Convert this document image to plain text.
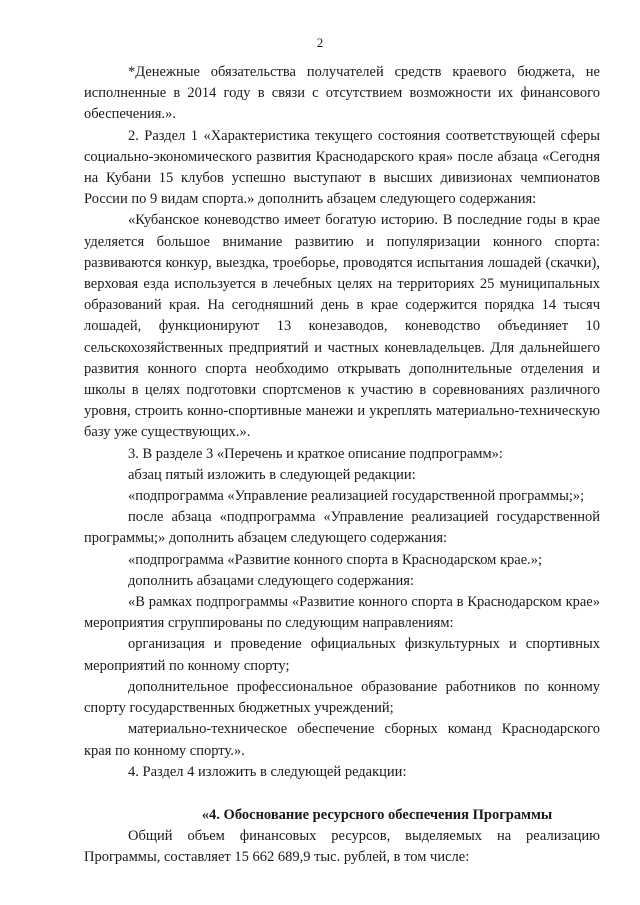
2

*Денежные обязательства получателей средств краевого бюджета, не исполненные в 2014 году в связи с отсутствием возможности их финансового обеспечения.».

2. Раздел 1 «Характеристика текущего состояния соответствующей сферы социально-экономического развития Краснодарского края» после абзаца «Сегодня на Кубани 15 клубов успешно выступают в высших дивизионах чемпионатов России по 9 видам спорта.» дополнить абзацем следующего содержания:

«Кубанское коневодство имеет богатую историю. В последние годы в крае уделяется большое внимание развитию и популяризации конного спорта: развиваются конкур, выездка, троеборье, проводятся испытания лошадей (скачки), верховая езда используется в лечебных целях на территориях 25 муниципальных образований края. На сегодняшний день в крае содержится порядка 14 тысяч лошадей, функционируют 13 конезаводов, коневодство объединяет 10 сельскохозяйственных предприятий и частных коневладельцев. Для дальнейшего развития конного спорта необходимо открывать дополнительные отделения и школы в целях подготовки спортсменов к участию в соревнованиях различного уровня, строить конно-спортивные манежи и укреплять материально-техническую базу уже существующих.».

3. В разделе 3 «Перечень и краткое описание подпрограмм»:

абзац пятый изложить в следующей редакции:

«подпрограмма «Управление реализацией государственной программы;»;

после абзаца «подпрограмма «Управление реализацией государственной программы;» дополнить абзацем следующего содержания:

«подпрограмма «Развитие конного спорта в Краснодарском крае.»;

дополнить абзацами следующего содержания:

«В рамках подпрограммы «Развитие конного спорта в Краснодарском крае» мероприятия сгруппированы по следующим направлениям:

организация и проведение официальных физкультурных и спортивных мероприятий по конному спорту;

дополнительное профессиональное образование работников по конному спорту государственных бюджетных учреждений;

материально-техническое обеспечение сборных команд Краснодарского края по конному спорту.».

4. Раздел 4 изложить в следующей редакции:

«4. Обоснование ресурсного обеспечения Программы

Общий объем финансовых ресурсов, выделяемых на реализацию Программы, составляет 15 662 689,9 тыс. рублей, в том числе:
